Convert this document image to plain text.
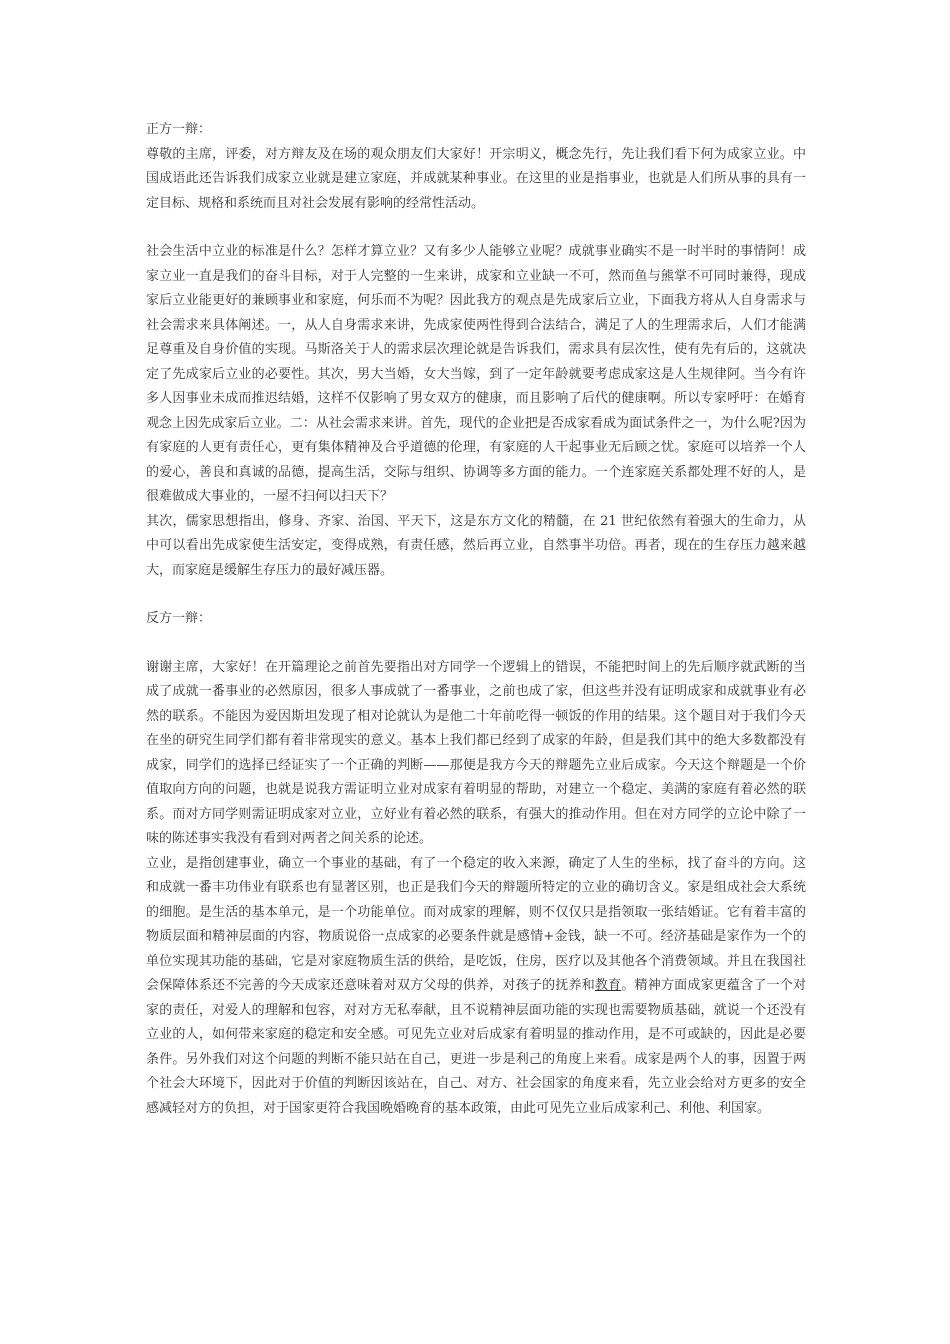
正方一辩：

尊敬的主席，评委，对方辩友及在场的观众朋友们大家好！开宗明义，概念先行，先让我们看下何为成家立业。中国成语此还告诉我们成家立业就是建立家庭，并成就某种事业。在这里的业是指事业，也就是人们所从事的具有一定目标、规格和系统而且对社会发展有影响的经常性活动。

社会生活中立业的标准是什么？怎样才算立业？又有多少人能够立业呢？成就事业确实不是一时半时的事情阿！成家立业一直是我们的奋斗目标，对于人完整的一生来讲，成家和立业缺一不可，然而鱼与熊掌不可同时兼得，现成家后立业能更好的兼顾事业和家庭，何乐而不为呢？因此我方的观点是先成家后立业，下面我方将从人自身需求与社会需求来具体阐述。一，从人自身需求来讲，先成家使两性得到合法结合，满足了人的生理需求后，人们才能满足尊重及自身价值的实现。马斯洛关于人的需求层次理论就是告诉我们，需求具有层次性，使有先有后的，这就决定了先成家后立业的必要性。其次，男大当婚，女大当嫁，到了一定年龄就要考虑成家这是人生规律阿。当今有许多人因事业未成而推迟结婚，这样不仅影响了男女双方的健康，而且影响了后代的健康啊。所以专家呼吁：在婚育观念上因先成家后立业。二：从社会需求来讲。首先，现代的企业把是否成家看成为面试条件之一，为什么呢?因为有家庭的人更有责任心，更有集体精神及合乎道德的伦理，有家庭的人干起事业无后顾之忧。家庭可以培养一个人的爱心，善良和真诚的品德，提高生活，交际与组织、协调等多方面的能力。一个连家庭关系都处理不好的人，是很难做成大事业的，一屋不扫何以扫天下？

其次，儒家思想指出，修身、齐家、治国、平天下，这是东方文化的精髓，在 21 世纪依然有着强大的生命力，从中可以看出先成家使生活安定，变得成熟，有责任感，然后再立业，自然事半功倍。再者，现在的生存压力越来越大，而家庭是缓解生存压力的最好减压器。

反方一辩：

谢谢主席，大家好！在开篇理论之前首先要指出对方同学一个逻辑上的错误，不能把时间上的先后顺序就武断的当成了成就一番事业的必然原因，很多人事成就了一番事业，之前也成了家，但这些并没有证明成家和成就事业有必然的联系。不能因为爱因斯坦发现了相对论就认为是他二十年前吃得一顿饭的作用的结果。这个题目对于我们今天在坐的研究生同学们都有着非常现实的意义。基本上我们都已经到了成家的年龄，但是我们其中的绝大多数都没有成家，同学们的选择已经证实了一个正确的判断——那便是我方今天的辩题先立业后成家。今天这个辩题是一个价值取向方向的问题，也就是说我方需证明立业对成家有着明显的帮助，对建立一个稳定、美满的家庭有着必然的联系。而对方同学则需证明成家对立业，立好业有着必然的联系，有强大的推动作用。但在对方同学的立论中除了一味的陈述事实我没有看到对两者之间关系的论述。

立业，是指创建事业，确立一个事业的基础，有了一个稳定的收入来源，确定了人生的坐标，找了奋斗的方向。这和成就一番丰功伟业有联系也有显著区别，也正是我们今天的辩题所特定的立业的确切含义。家是组成社会大系统的细胞。是生活的基本单元，是一个功能单位。而对成家的理解，则不仅仅只是指领取一张结婚证。它有着丰富的物质层面和精神层面的内容，物质说俗一点成家的必要条件就是感情+金钱，缺一不可。经济基础是家作为一个的单位实现其功能的基础，它是对家庭物质生活的供给，是吃饭，住房，医疗以及其他各个消费领域。并且在我国社会保障体系还不完善的今天成家还意味着对双方父母的供养，对孩子的抚养和教育。精神方面成家更蕴含了一个对家的责任，对爱人的理解和包容，对对方无私奉献，且不说精神层面功能的实现也需要物质基础，就说一个还没有立业的人，如何带来家庭的稳定和安全感。可见先立业对后成家有着明显的推动作用，是不可或缺的，因此是必要条件。另外我们对这个问题的判断不能只站在自己，更进一步是利己的角度上来看。成家是两个人的事，因置于两个社会大环境下，因此对于价值的判断因该站在，自己、对方、社会国家的角度来看，先立业会给对方更多的安全感减轻对方的负担，对于国家更符合我国晚婚晚育的基本政策，由此可见先立业后成家利己、利他、利国家。
